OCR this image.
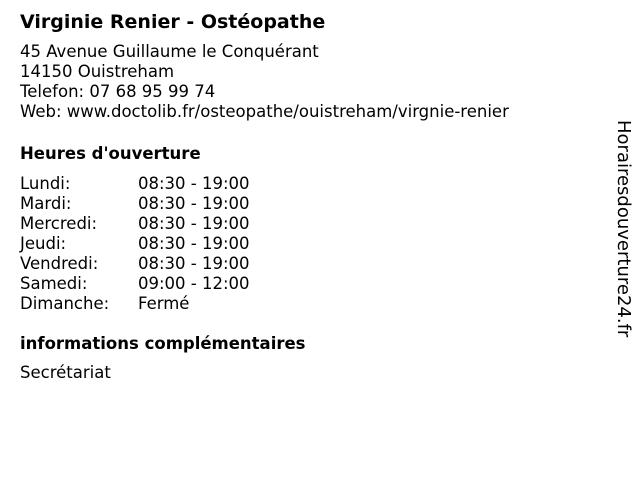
Virginie Renier - Ostéopathe
45 Avenue Guillaume le Conquérant
14150 Ouistreham
Telefon: 07 68 95 99 74
Web: www.doctolib.fr/osteopathe/ouistreham/virgnie-renier
Heures d'ouverture
Lundi:	08:30 - 19:00
Mardi:	08:30 - 19:00
Mercredi:	08:30 - 19:00
Jeudi:	08:30 - 19:00
Vendredi:	08:30 - 19:00
Samedi:	09:00 - 12:00
Dimanche:	Fermé
informations complémentaires
Secrétariat
Horairesdouverture24.fr
